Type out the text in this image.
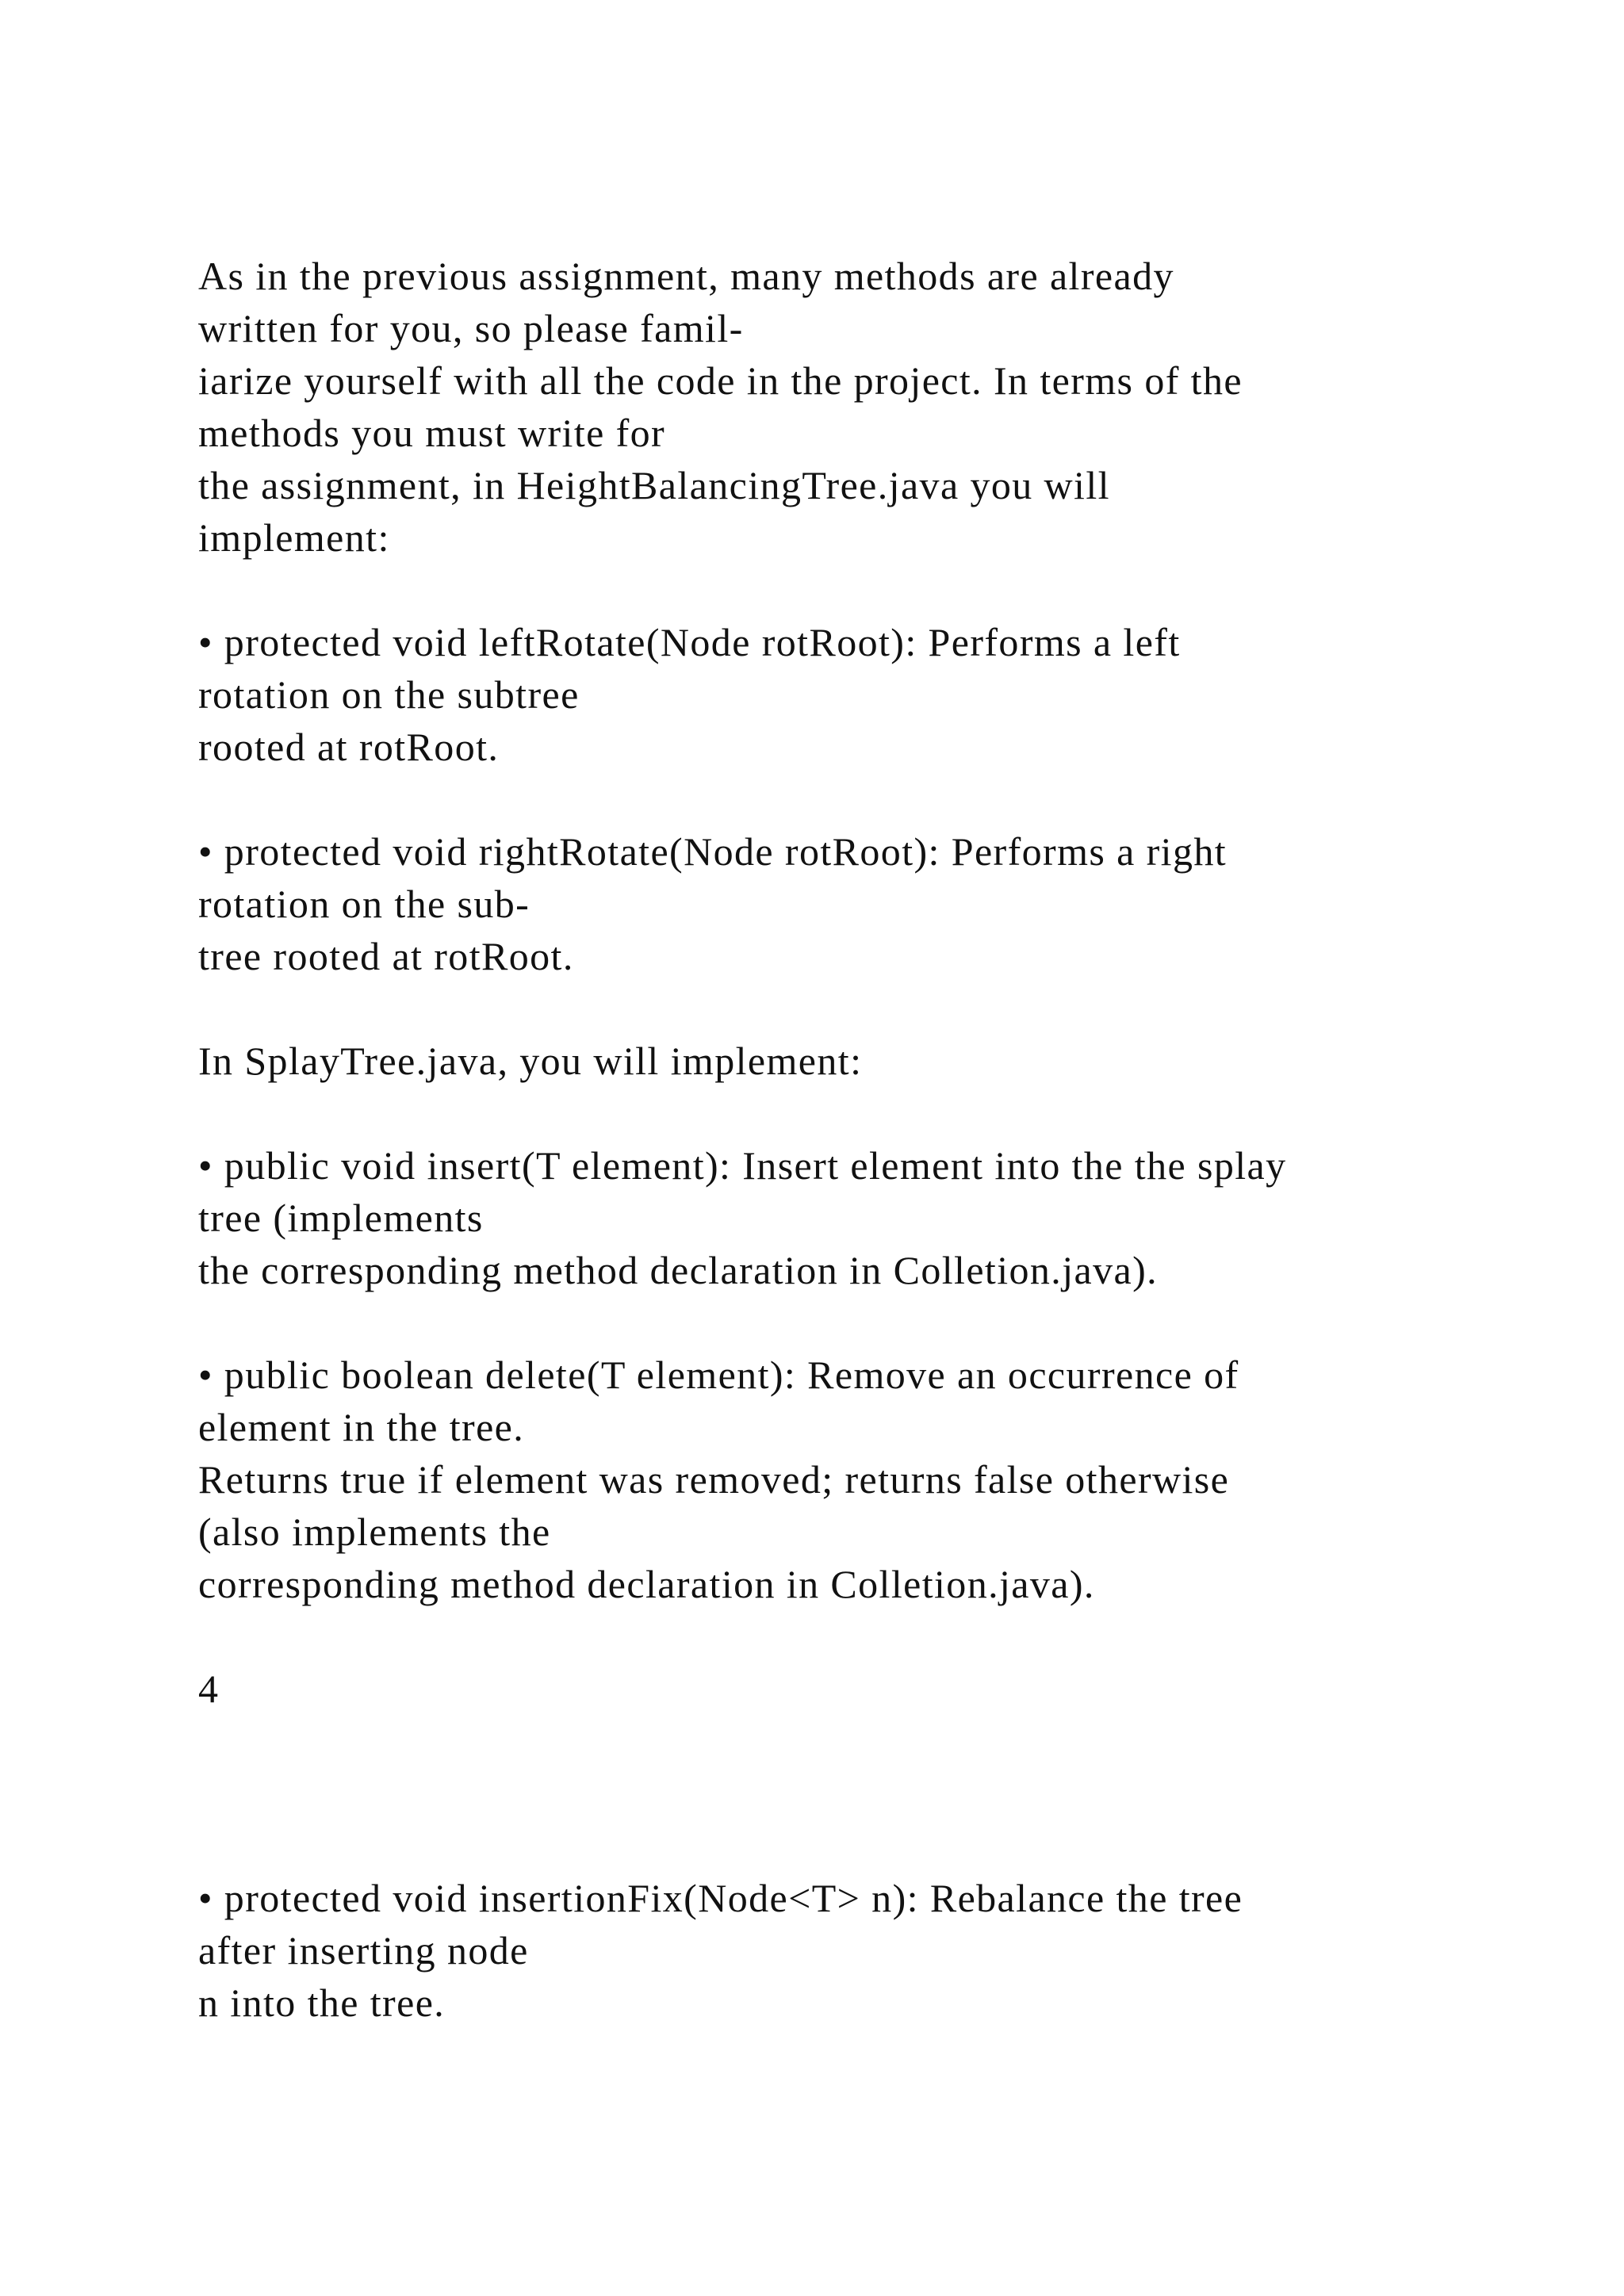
As in the previous assignment, many methods are already
written for you, so please famil-
iarize yourself with all the code in the project. In terms of the
methods you must write for
the assignment, in HeightBalancingTree.java you will
implement:
• protected void leftRotate(Node rotRoot): Performs a left
rotation on the subtree
rooted at rotRoot.
• protected void rightRotate(Node rotRoot): Performs a right
rotation on the sub-
tree rooted at rotRoot.
In SplayTree.java, you will implement:
• public void insert(T element): Insert element into the the splay
tree (implements
the corresponding method declaration in Colletion.java).
• public boolean delete(T element): Remove an occurrence of
element in the tree.
Returns true if element was removed; returns false otherwise
(also implements the
corresponding method declaration in Colletion.java).
4
• protected void insertionFix(Node<T> n): Rebalance the tree
after inserting node
n into the tree.
